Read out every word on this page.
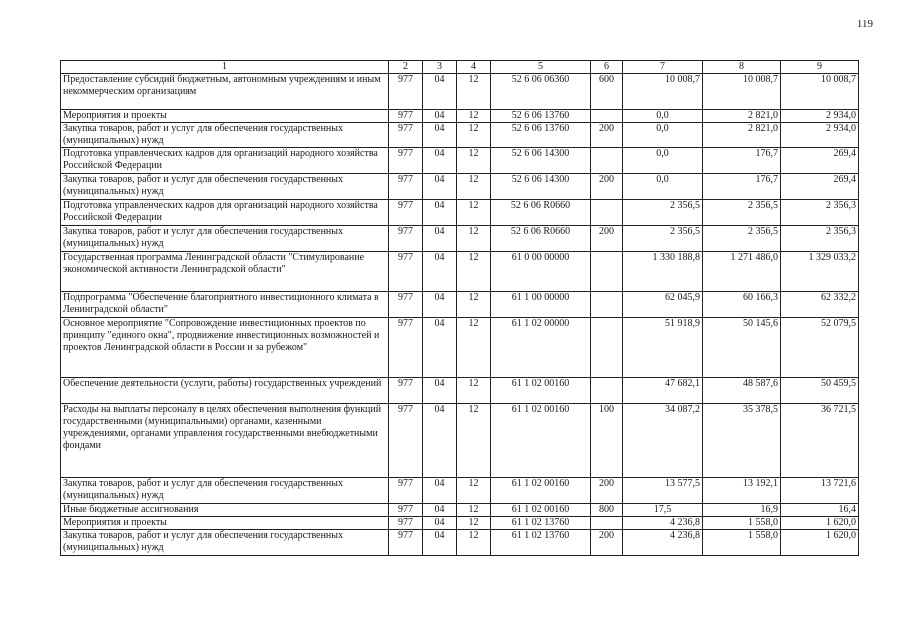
119
1	2	3	4	5	6	7	8	9
Предоставление субсидий бюджетным, автономным учреждениям и иным некоммерческим организациям	977	04	12	52 6 06 06360	600	10 008,7	10 008,7	10 008,7
Мероприятия и проекты	977	04	12	52 6 06 13760		0,0	2 821,0	2 934,0
Закупка товаров, работ и услуг для обеспечения государственных (муниципальных) нужд	977	04	12	52 6 06 13760	200	0,0	2 821,0	2 934,0
Подготовка управленческих кадров для организаций народного хозяйства Российской Федерации	977	04	12	52 6 06 14300		0,0	176,7	269,4
Закупка товаров, работ и услуг для обеспечения государственных (муниципальных) нужд	977	04	12	52 6 06 14300	200	0,0	176,7	269,4
Подготовка управленческих кадров для организаций народного хозяйства Российской Федерации	977	04	12	52 6 06 R0660		2 356,5	2 356,5	2 356,3
Закупка товаров, работ и услуг для обеспечения государственных (муниципальных) нужд	977	04	12	52 6 06 R0660	200	2 356,5	2 356,5	2 356,3
Государственная программа Ленинградской области "Стимулирование экономической активности Ленинградской области"	977	04	12	61 0 00 00000		1 330 188,8	1 271 486,0	1 329 033,2
Подпрограмма "Обеспечение благоприятного инвестиционного климата в Ленинградской области"	977	04	12	61 1 00 00000		62 045,9	60 166,3	62 332,2
Основное мероприятие "Сопровождение инвестиционных проектов по принципу "единого окна", продвижение инвестиционных возможностей и проектов Ленинградской области в России и за рубежом"	977	04	12	61 1 02 00000		51 918,9	50 145,6	52 079,5
Обеспечение деятельности (услуги, работы) государственных учреждений	977	04	12	61 1 02 00160		47 682,1	48 587,6	50 459,5
Расходы на выплаты персоналу в целях обеспечения выполнения функций государственными (муниципальными) органами, казенными учреждениями, органами управления государственными внебюджетными фондами	977	04	12	61 1 02 00160	100	34 087,2	35 378,5	36 721,5
Закупка товаров, работ и услуг для обеспечения государственных (муниципальных) нужд	977	04	12	61 1 02 00160	200	13 577,5	13 192,1	13 721,6
Иные бюджетные ассигнования	977	04	12	61 1 02 00160	800	17,5	16,9	16,4
Мероприятия и проекты	977	04	12	61 1 02 13760		4 236,8	1 558,0	1 620,0
Закупка товаров, работ и услуг для обеспечения государственных (муниципальных) нужд	977	04	12	61 1 02 13760	200	4 236,8	1 558,0	1 620,0
